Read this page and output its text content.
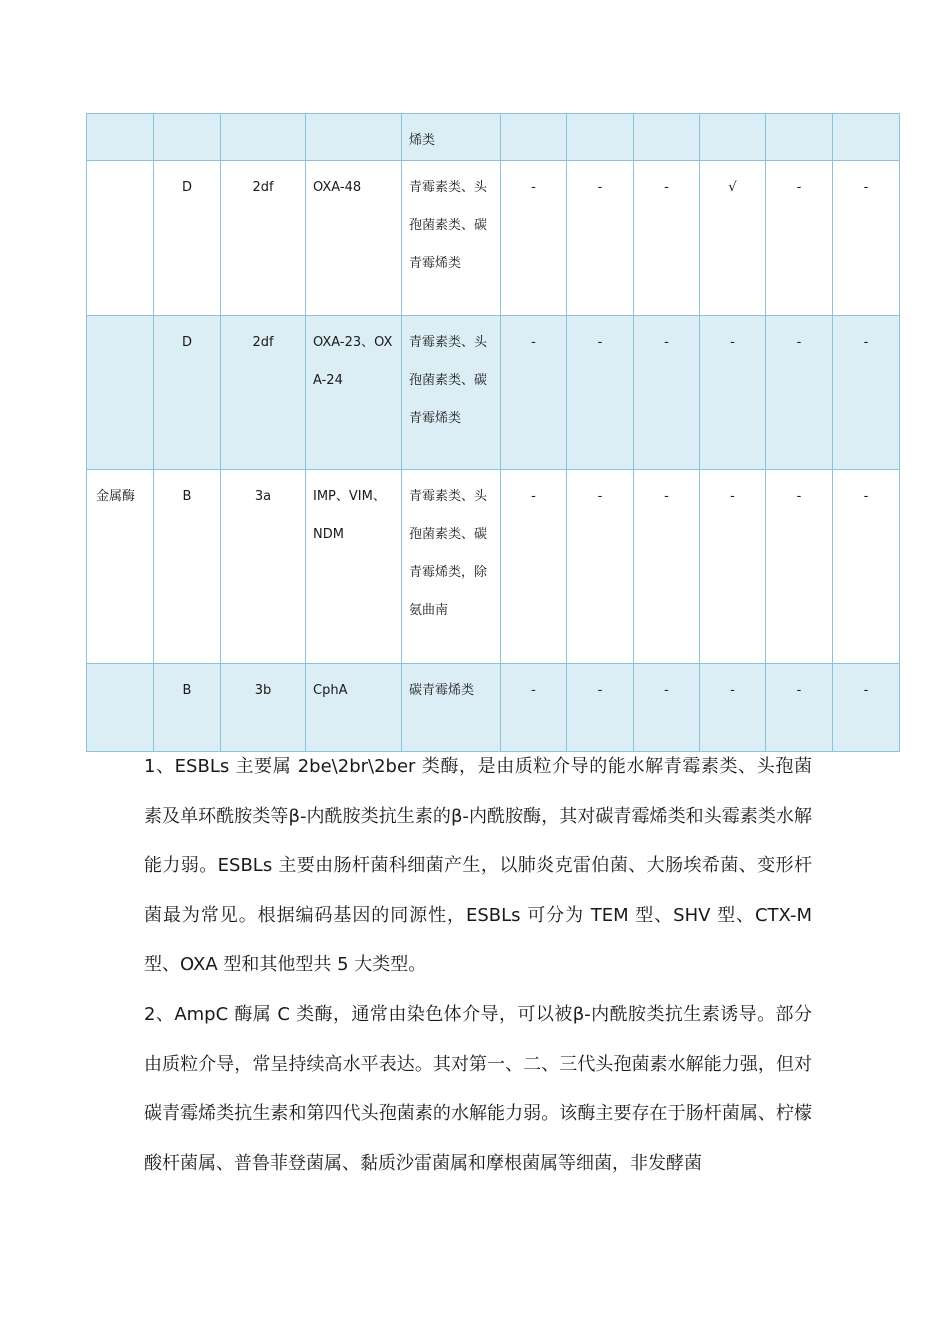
				烯类						

	D	2df	OXA-48	青霉素类、头孢菌素类、碳青霉烯类	-	-	-	√	-	-

	D	2df	OXA-23、OXA-24	青霉素类、头孢菌素类、碳青霉烯类	-	-	-	-	-	-

金属酶	B	3a	IMP、VIM、NDM	青霉素类、头孢菌素类、碳青霉烯类，除氨曲南	-	-	-	-	-	-

	B	3b	CphA	碳青霉烯类	-	-	-	-	-	-
1、ESBLs 主要属 2be\2br\2ber 类酶，是由质粒介导的能水解青霉素类、头孢菌素及单环酰胺类等β-内酰胺类抗生素的β-内酰胺酶，其对碳青霉烯类和头霉素类水解能力弱。ESBLs 主要由肠杆菌科细菌产生，以肺炎克雷伯菌、大肠埃希菌、变形杆菌最为常见。根据编码基因的同源性，ESBLs 可分为 TEM 型、SHV 型、CTX-M 型、OXA 型和其他型共 5 大类型。
2、AmpC 酶属 C 类酶，通常由染色体介导，可以被β-内酰胺类抗生素诱导。部分由质粒介导，常呈持续高水平表达。其对第一、二、三代头孢菌素水解能力强，但对碳青霉烯类抗生素和第四代头孢菌素的水解能力弱。该酶主要存在于肠杆菌属、柠檬酸杆菌属、普鲁菲登菌属、黏质沙雷菌属和摩根菌属等细菌，非发酵菌
